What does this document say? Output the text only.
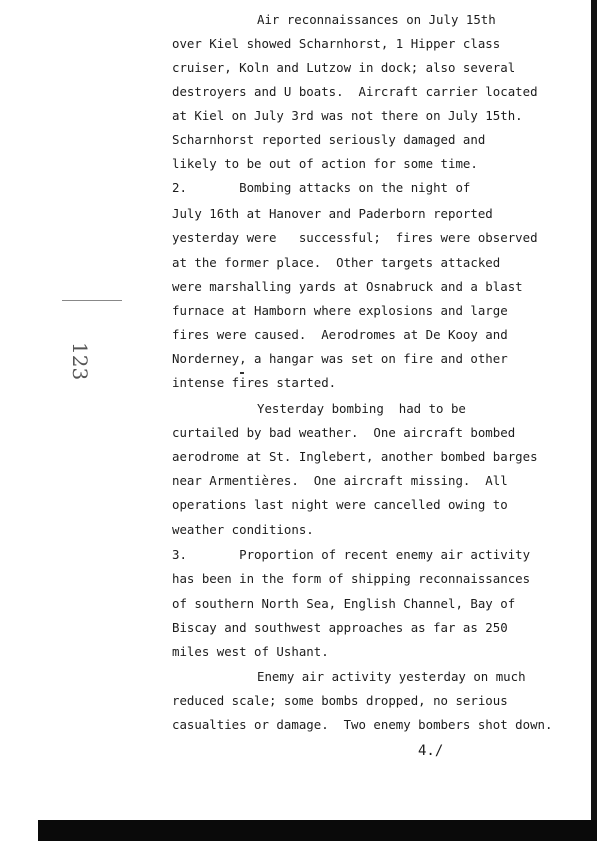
Air reconnaissances on July 15th
over Kiel showed Scharnhorst, 1 Hipper class
cruiser, Koln and Lutzow in dock; also several
destroyers and U boats.  Aircraft carrier located
at Kiel on July 3rd was not there on July 15th.
Scharnhorst reported seriously damaged and
likely to be out of action for some time.
2.       Bombing attacks on the night of
July 16th at Hanover and Paderborn reported
yesterday were   successful;  fires were observed
at the former place.  Other targets attacked
were marshalling yards at Osnabruck and a blast
furnace at Hamborn where explosions and large
fires were caused.  Aerodromes at De Kooy and
Norderney, a hangar was set on fire and other
intense fires started.
Yesterday bombing  had to be
curtailed by bad weather.  One aircraft bombed
aerodrome at St. Inglebert, another bombed barges
near Armentières.  One aircraft missing.  All
operations last night were cancelled owing to
weather conditions.
3.       Proportion of recent enemy air activity
has been in the form of shipping reconnaissances
of southern North Sea, English Channel, Bay of
Biscay and southwest approaches as far as 250
miles west of Ushant.
Enemy air activity yesterday on much
reduced scale; some bombs dropped, no serious
casualties or damage.  Two enemy bombers shot down.
4./
123
